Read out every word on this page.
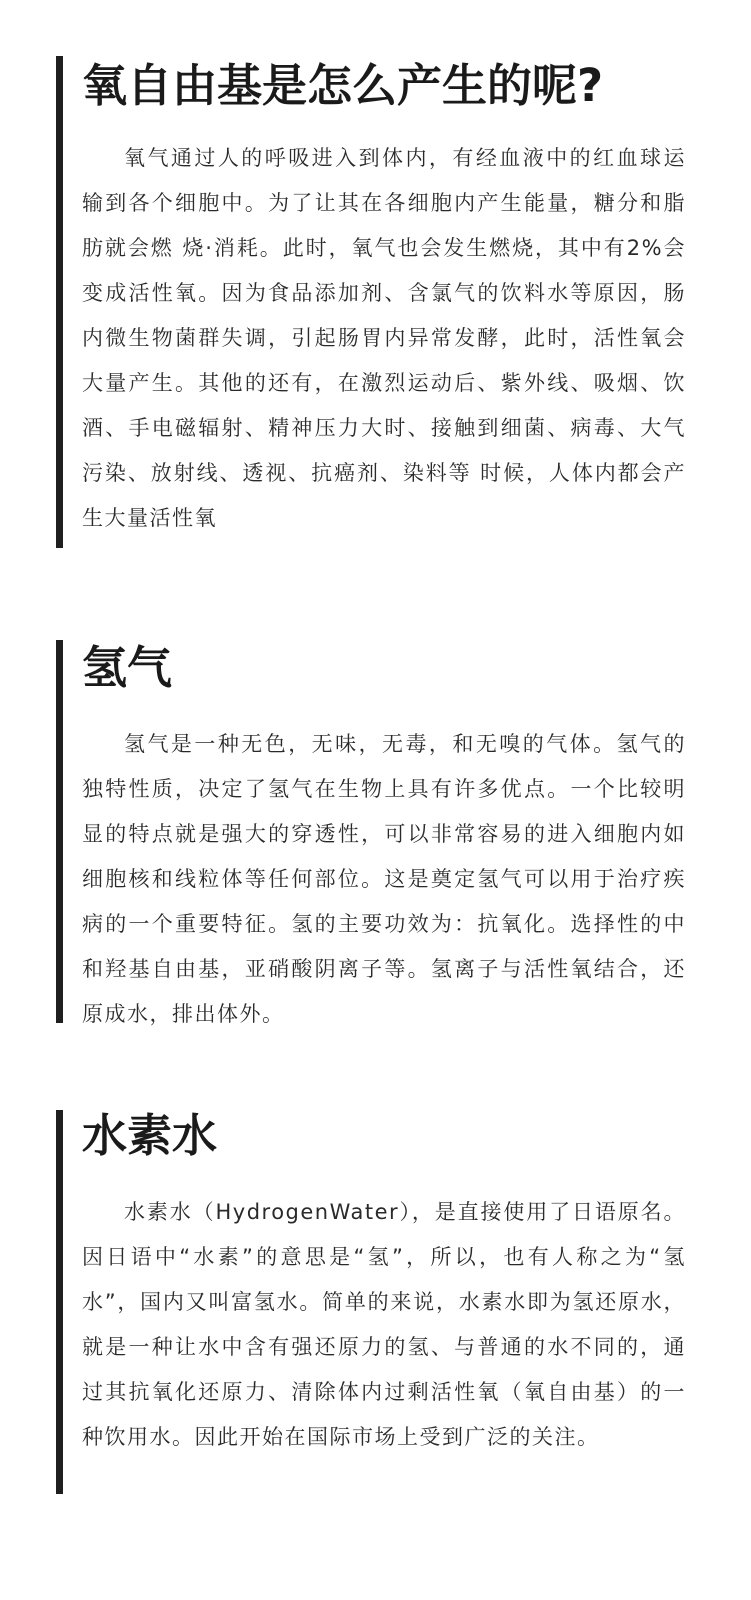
氧自由基是怎么产生的呢?

氧气通过人的呼吸进入到体内，有经血液中的红血球运输到各个细胞中。为了让其在各细胞内产生能量，糖分和脂肪就会燃 烧·消耗。此时，氧气也会发生燃烧，其中有2%会变成活性氧。因为食品添加剂、含氯气的饮料水等原因，肠内微生物菌群失调，引起肠胃内异常发酵，此时，活性氧会大量产生。其他的还有，在激烈运动后、紫外线、吸烟、饮酒、手电磁辐射、精神压力大时、接触到细菌、病毒、大气污染、放射线、透视、抗癌剂、染料等 时候，人体内都会产生大量活性氧

氢气

氢气是一种无色，无味，无毒，和无嗅的气体。氢气的独特性质，决定了氢气在生物上具有许多优点。一个比较明显的特点就是强大的穿透性，可以非常容易的进入细胞内如细胞核和线粒体等任何部位。这是奠定氢气可以用于治疗疾病的一个重要特征。氢的主要功效为：抗氧化。选择性的中 和羟基自由基，亚硝酸阴离子等。氢离子与活性氧结合，还原成水，排出体外。

水素水

水素水（HydrogenWater），是直接使用了日语原名。因日语中“水素”的意思是“氢”，所以，也有人称之为“氢水”，国内又叫富氢水。简单的来说，水素水即为氢还原水，就是一种让水中含有强还原力的氢、与普通的水不同的，通过其抗氧化还原力、清除体内过剩活性氧（氧自由基）的一种饮用水。因此开始在国际市场上受到广泛的关注。
